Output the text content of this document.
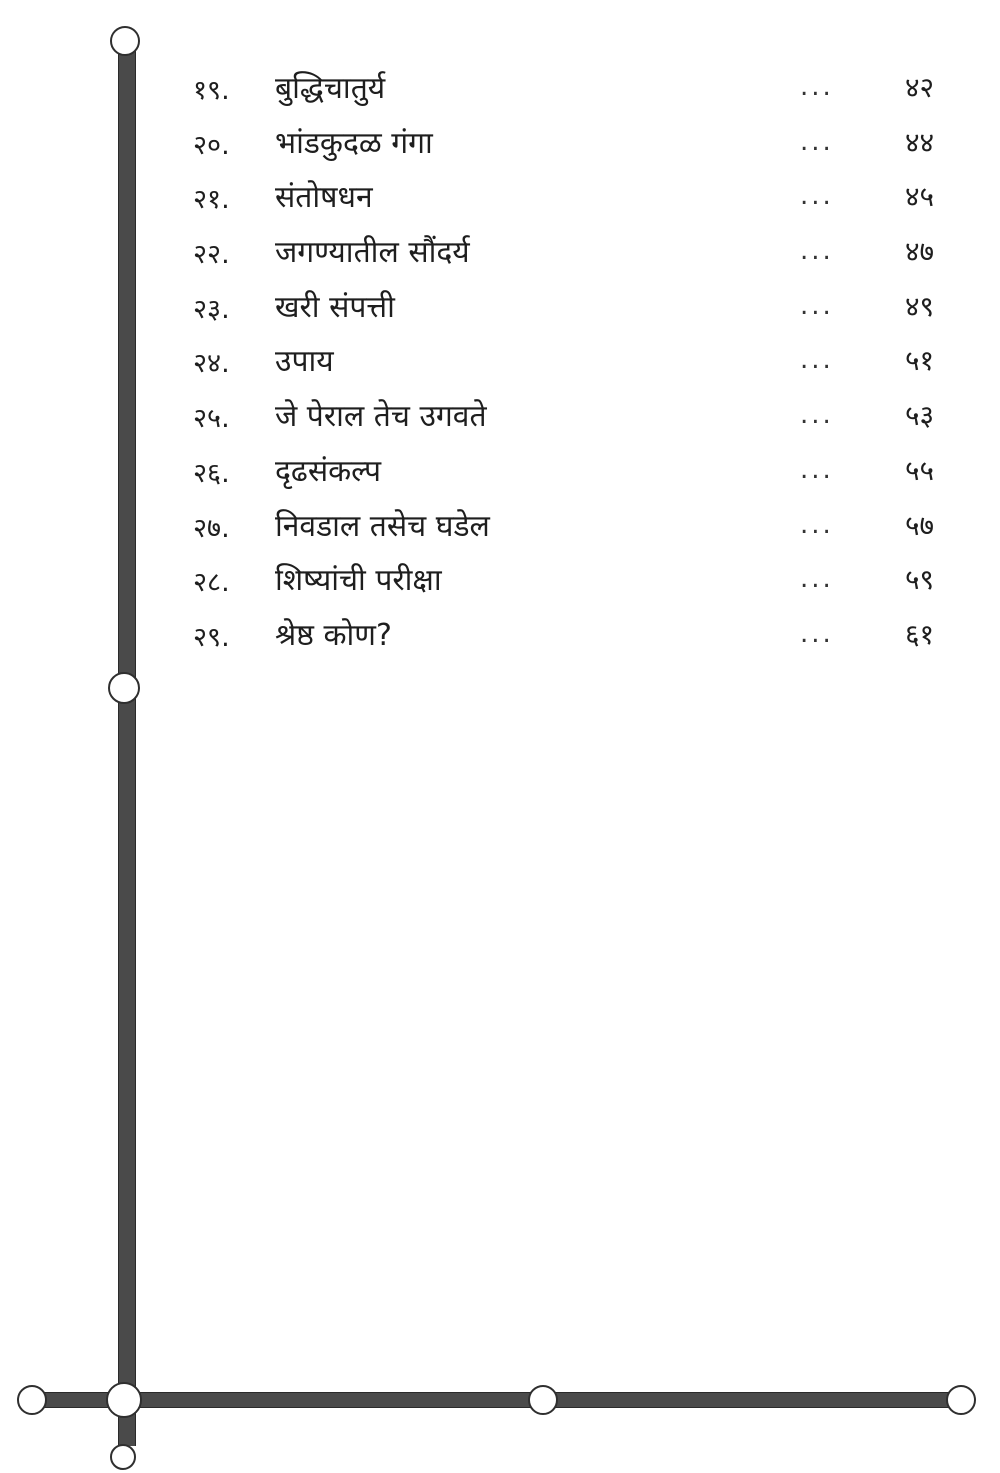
१९. बुद्धिचातुर्य	...	४२
२०. भांडकुदळ गंगा	...	४४
२१. संतोषधन	...	४५
२२. जगण्यातील सौंदर्य	...	४७
२३. खरी संपत्ती	...	४९
२४. उपाय	...	५१
२५. जे पेराल तेच उगवते	...	५३
२६. दृढसंकल्प	...	५५
२७. निवडाल तसेच घडेल	...	५७
२८. शिष्यांची परीक्षा	...	५९
२९. श्रेष्ठ कोण?	...	६१
